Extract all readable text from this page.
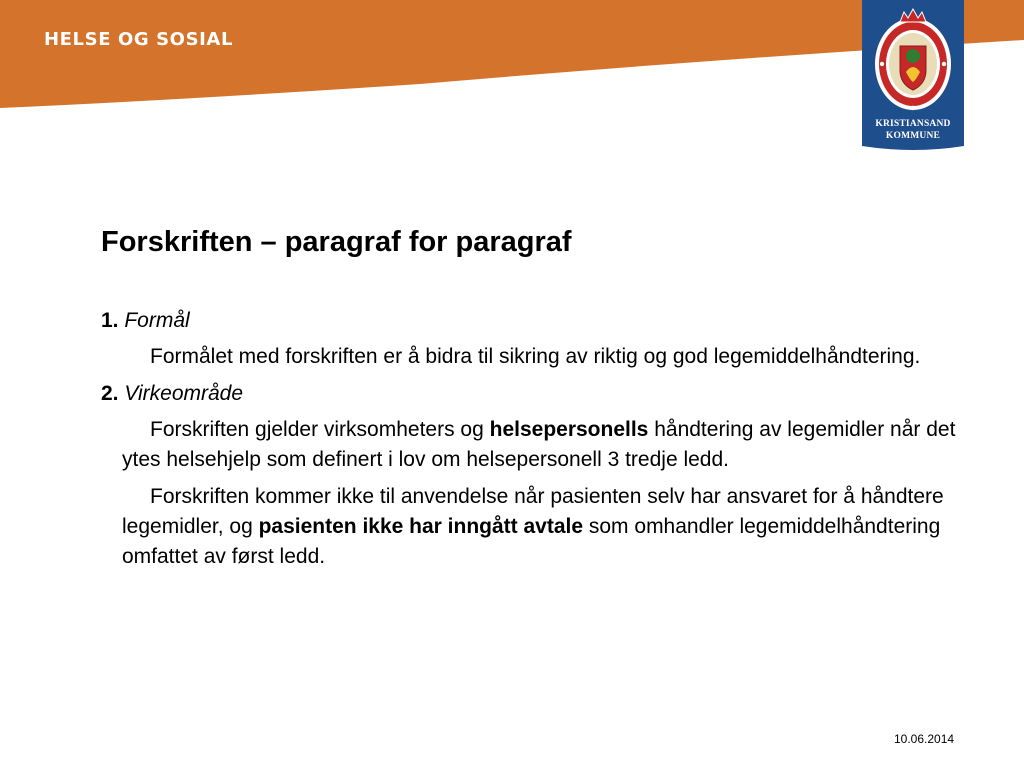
HELSE OG SOSIAL
KRISTIANSAND
KOMMUNE
Forskriften – paragraf for paragraf

1. Formål

Formålet med forskriften er å bidra til sikring av riktig og god legemiddelhåndtering.

2. Virkeområde

Forskriften gjelder virksomheters og helsepersonells håndtering av legemidler når det ytes helsehjelp som definert i lov om helsepersonell 3 tredje ledd.

Forskriften kommer ikke til anvendelse når pasienten selv har ansvaret for å håndtere legemidler, og pasienten ikke har inngått avtale som omhandler legemiddelhåndtering omfattet av først ledd.

10.06.2014
